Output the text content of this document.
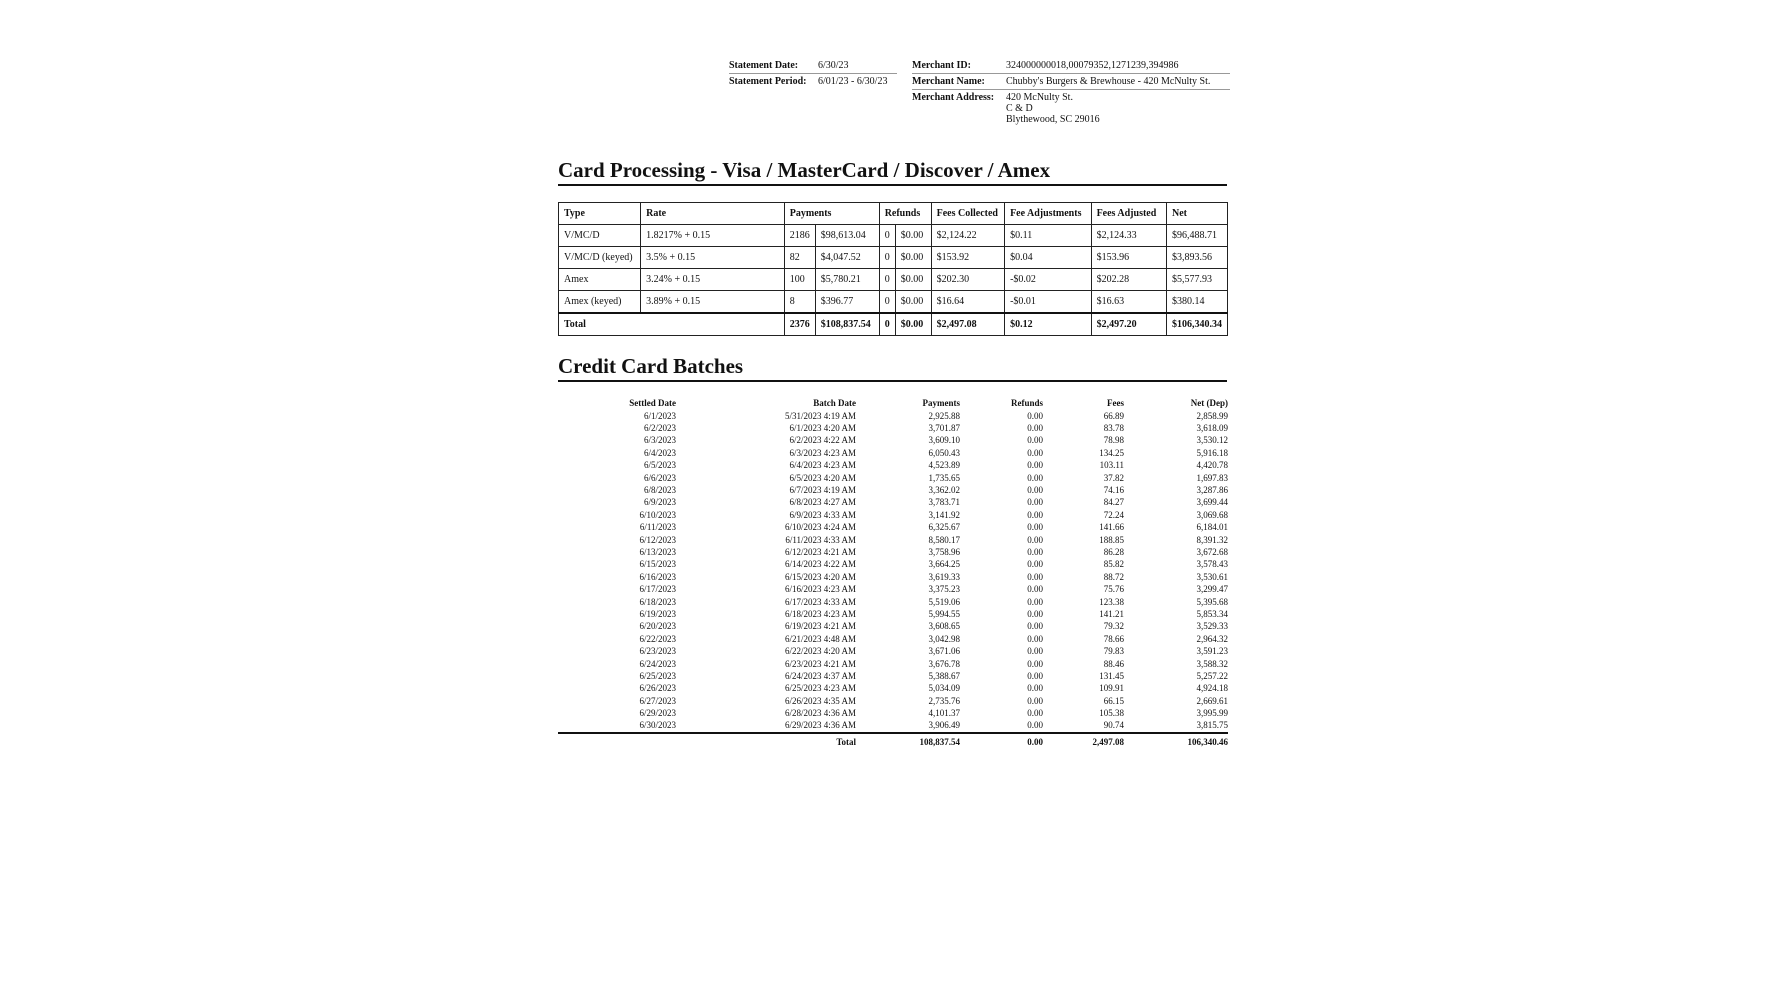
Statement Date:	6/30/23
Statement Period:	6/01/23 - 6/30/23
Merchant ID:	324000000018,00079352,1271239,394986
Merchant Name:	Chubby's Burgers & Brewhouse - 420 McNulty St.
Merchant Address:	420 McNulty St.
C & D
Blythewood, SC 29016
Card Processing - Visa / MasterCard / Discover / Amex
Type	Rate	Payments		Refunds		Fees Collected	Fee Adjustments	Fees Adjusted	Net
V/MC/D	1.8217% + 0.15	2186	$98,613.04	0	$0.00	$2,124.22	$0.11	$2,124.33	$96,488.71
V/MC/D (keyed)	3.5% + 0.15	82	$4,047.52	0	$0.00	$153.92	$0.04	$153.96	$3,893.56
Amex	3.24% + 0.15	100	$5,780.21	0	$0.00	$202.30	-$0.02	$202.28	$5,577.93
Amex (keyed)	3.89% + 0.15	8	$396.77	0	$0.00	$16.64	-$0.01	$16.63	$380.14
Total		2376	$108,837.54	0	$0.00	$2,497.08	$0.12	$2,497.20	$106,340.34
Credit Card Batches
Settled Date	Batch Date	Payments	Refunds	Fees	Net (Dep)
6/1/2023	5/31/2023 4:19 AM	2,925.88	0.00	66.89	2,858.99
6/2/2023	6/1/2023 4:20 AM	3,701.87	0.00	83.78	3,618.09
6/3/2023	6/2/2023 4:22 AM	3,609.10	0.00	78.98	3,530.12
6/4/2023	6/3/2023 4:23 AM	6,050.43	0.00	134.25	5,916.18
6/5/2023	6/4/2023 4:23 AM	4,523.89	0.00	103.11	4,420.78
6/6/2023	6/5/2023 4:20 AM	1,735.65	0.00	37.82	1,697.83
6/8/2023	6/7/2023 4:19 AM	3,362.02	0.00	74.16	3,287.86
6/9/2023	6/8/2023 4:27 AM	3,783.71	0.00	84.27	3,699.44
6/10/2023	6/9/2023 4:33 AM	3,141.92	0.00	72.24	3,069.68
6/11/2023	6/10/2023 4:24 AM	6,325.67	0.00	141.66	6,184.01
6/12/2023	6/11/2023 4:33 AM	8,580.17	0.00	188.85	8,391.32
6/13/2023	6/12/2023 4:21 AM	3,758.96	0.00	86.28	3,672.68
6/15/2023	6/14/2023 4:22 AM	3,664.25	0.00	85.82	3,578.43
6/16/2023	6/15/2023 4:20 AM	3,619.33	0.00	88.72	3,530.61
6/17/2023	6/16/2023 4:23 AM	3,375.23	0.00	75.76	3,299.47
6/18/2023	6/17/2023 4:33 AM	5,519.06	0.00	123.38	5,395.68
6/19/2023	6/18/2023 4:23 AM	5,994.55	0.00	141.21	5,853.34
6/20/2023	6/19/2023 4:21 AM	3,608.65	0.00	79.32	3,529.33
6/22/2023	6/21/2023 4:48 AM	3,042.98	0.00	78.66	2,964.32
6/23/2023	6/22/2023 4:20 AM	3,671.06	0.00	79.83	3,591.23
6/24/2023	6/23/2023 4:21 AM	3,676.78	0.00	88.46	3,588.32
6/25/2023	6/24/2023 4:37 AM	5,388.67	0.00	131.45	5,257.22
6/26/2023	6/25/2023 4:23 AM	5,034.09	0.00	109.91	4,924.18
6/27/2023	6/26/2023 4:35 AM	2,735.76	0.00	66.15	2,669.61
6/29/2023	6/28/2023 4:36 AM	4,101.37	0.00	105.38	3,995.99
6/30/2023	6/29/2023 4:36 AM	3,906.49	0.00	90.74	3,815.75
	Total	108,837.54	0.00	2,497.08	106,340.46
